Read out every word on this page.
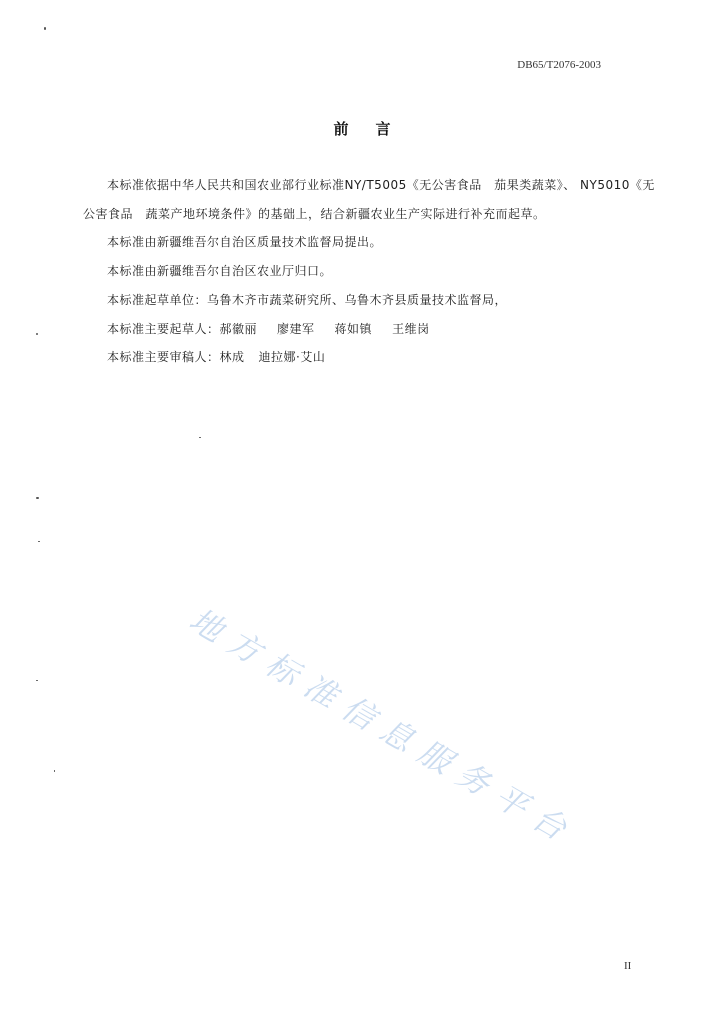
DB65/T2076-2003
前　言
本标准依据中华人民共和国农业部行业标准NY/T5005《无公害食品　茄果类蔬菜》、 NY5010《无
公害食品　蔬菜产地环境条件》的基础上，结合新疆农业生产实际进行补充而起草。
本标准由新疆维吾尔自治区质量技术监督局提出。
本标准由新疆维吾尔自治区农业厅归口。
本标准起草单位：乌鲁木齐市蔬菜研究所、乌鲁木齐县质量技术监督局，
本标准主要起草人：郝徽丽 廖建军 蒋如镇 王维岗
本标准主要审稿人：林成 迪拉娜·艾山
地方标准信息服务平台
II
